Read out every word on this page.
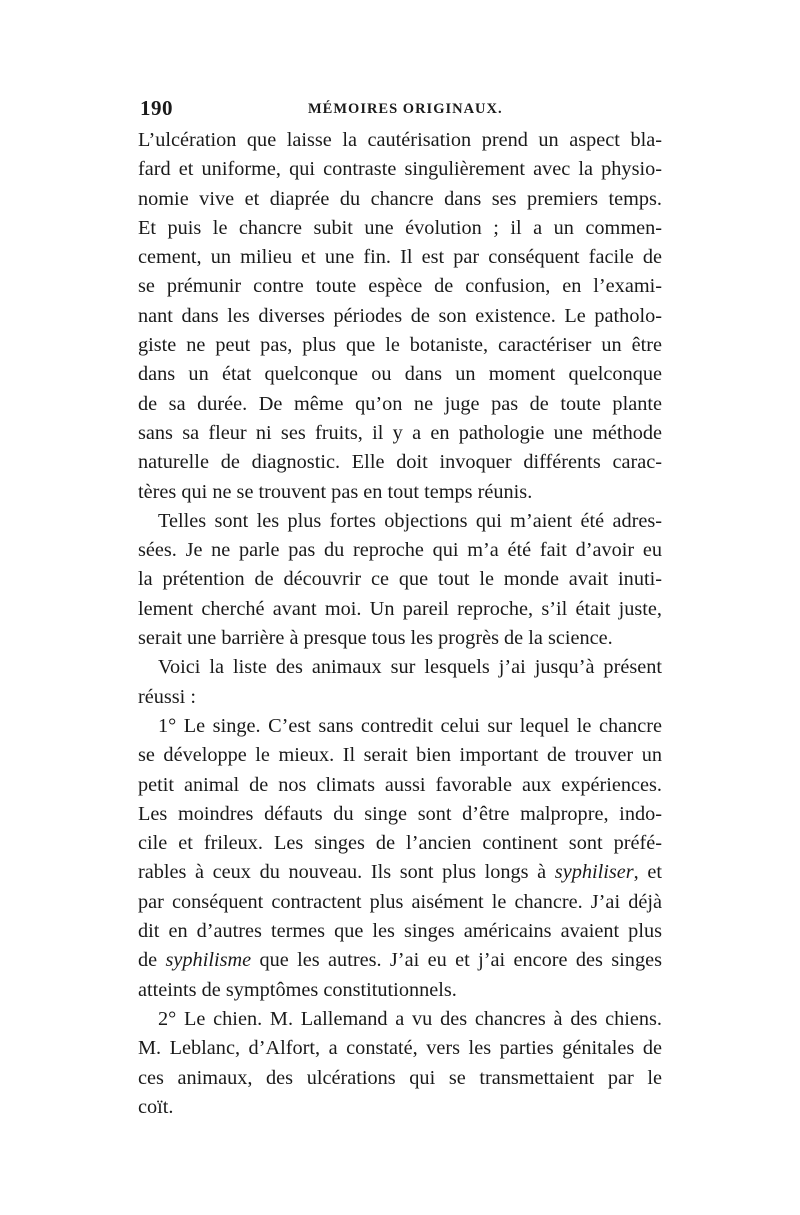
190	MÉMOIRES ORIGINAUX.
L’ulcération que laisse la cautérisation prend un aspect bla-
fard et uniforme, qui contraste singulièrement avec la physio-
nomie vive et diaprée du chancre dans ses premiers temps.
Et puis le chancre subit une évolution ; il a un commen-
cement, un milieu et une fin. Il est par conséquent facile de
se prémunir contre toute espèce de confusion, en l’exami-
nant dans les diverses périodes de son existence. Le patholo-
giste ne peut pas, plus que le botaniste, caractériser un être
dans un état quelconque ou dans un moment quelconque
de sa durée. De même qu’on ne juge pas de toute plante
sans sa fleur ni ses fruits, il y a en pathologie une méthode
naturelle de diagnostic. Elle doit invoquer différents carac-
tères qui ne se trouvent pas en tout temps réunis.
Telles sont les plus fortes objections qui m’aient été adres-
sées. Je ne parle pas du reproche qui m’a été fait d’avoir eu
la prétention de découvrir ce que tout le monde avait inuti-
lement cherché avant moi. Un pareil reproche, s’il était juste,
serait une barrière à presque tous les progrès de la science.
Voici la liste des animaux sur lesquels j’ai jusqu’à présent
réussi :
1° Le singe. C’est sans contredit celui sur lequel le chancre
se développe le mieux. Il serait bien important de trouver un
petit animal de nos climats aussi favorable aux expériences.
Les moindres défauts du singe sont d’être malpropre, indo-
cile et frileux. Les singes de l’ancien continent sont préfé-
rables à ceux du nouveau. Ils sont plus longs à syphiliser, et
par conséquent contractent plus aisément le chancre. J’ai déjà
dit en d’autres termes que les singes américains avaient plus
de syphilisme que les autres. J’ai eu et j’ai encore des singes
atteints de symptômes constitutionnels.
2° Le chien. M. Lallemand a vu des chancres à des chiens.
M. Leblanc, d’Alfort, a constaté, vers les parties génitales de
ces animaux, des ulcérations qui se transmettaient par le
coït.
